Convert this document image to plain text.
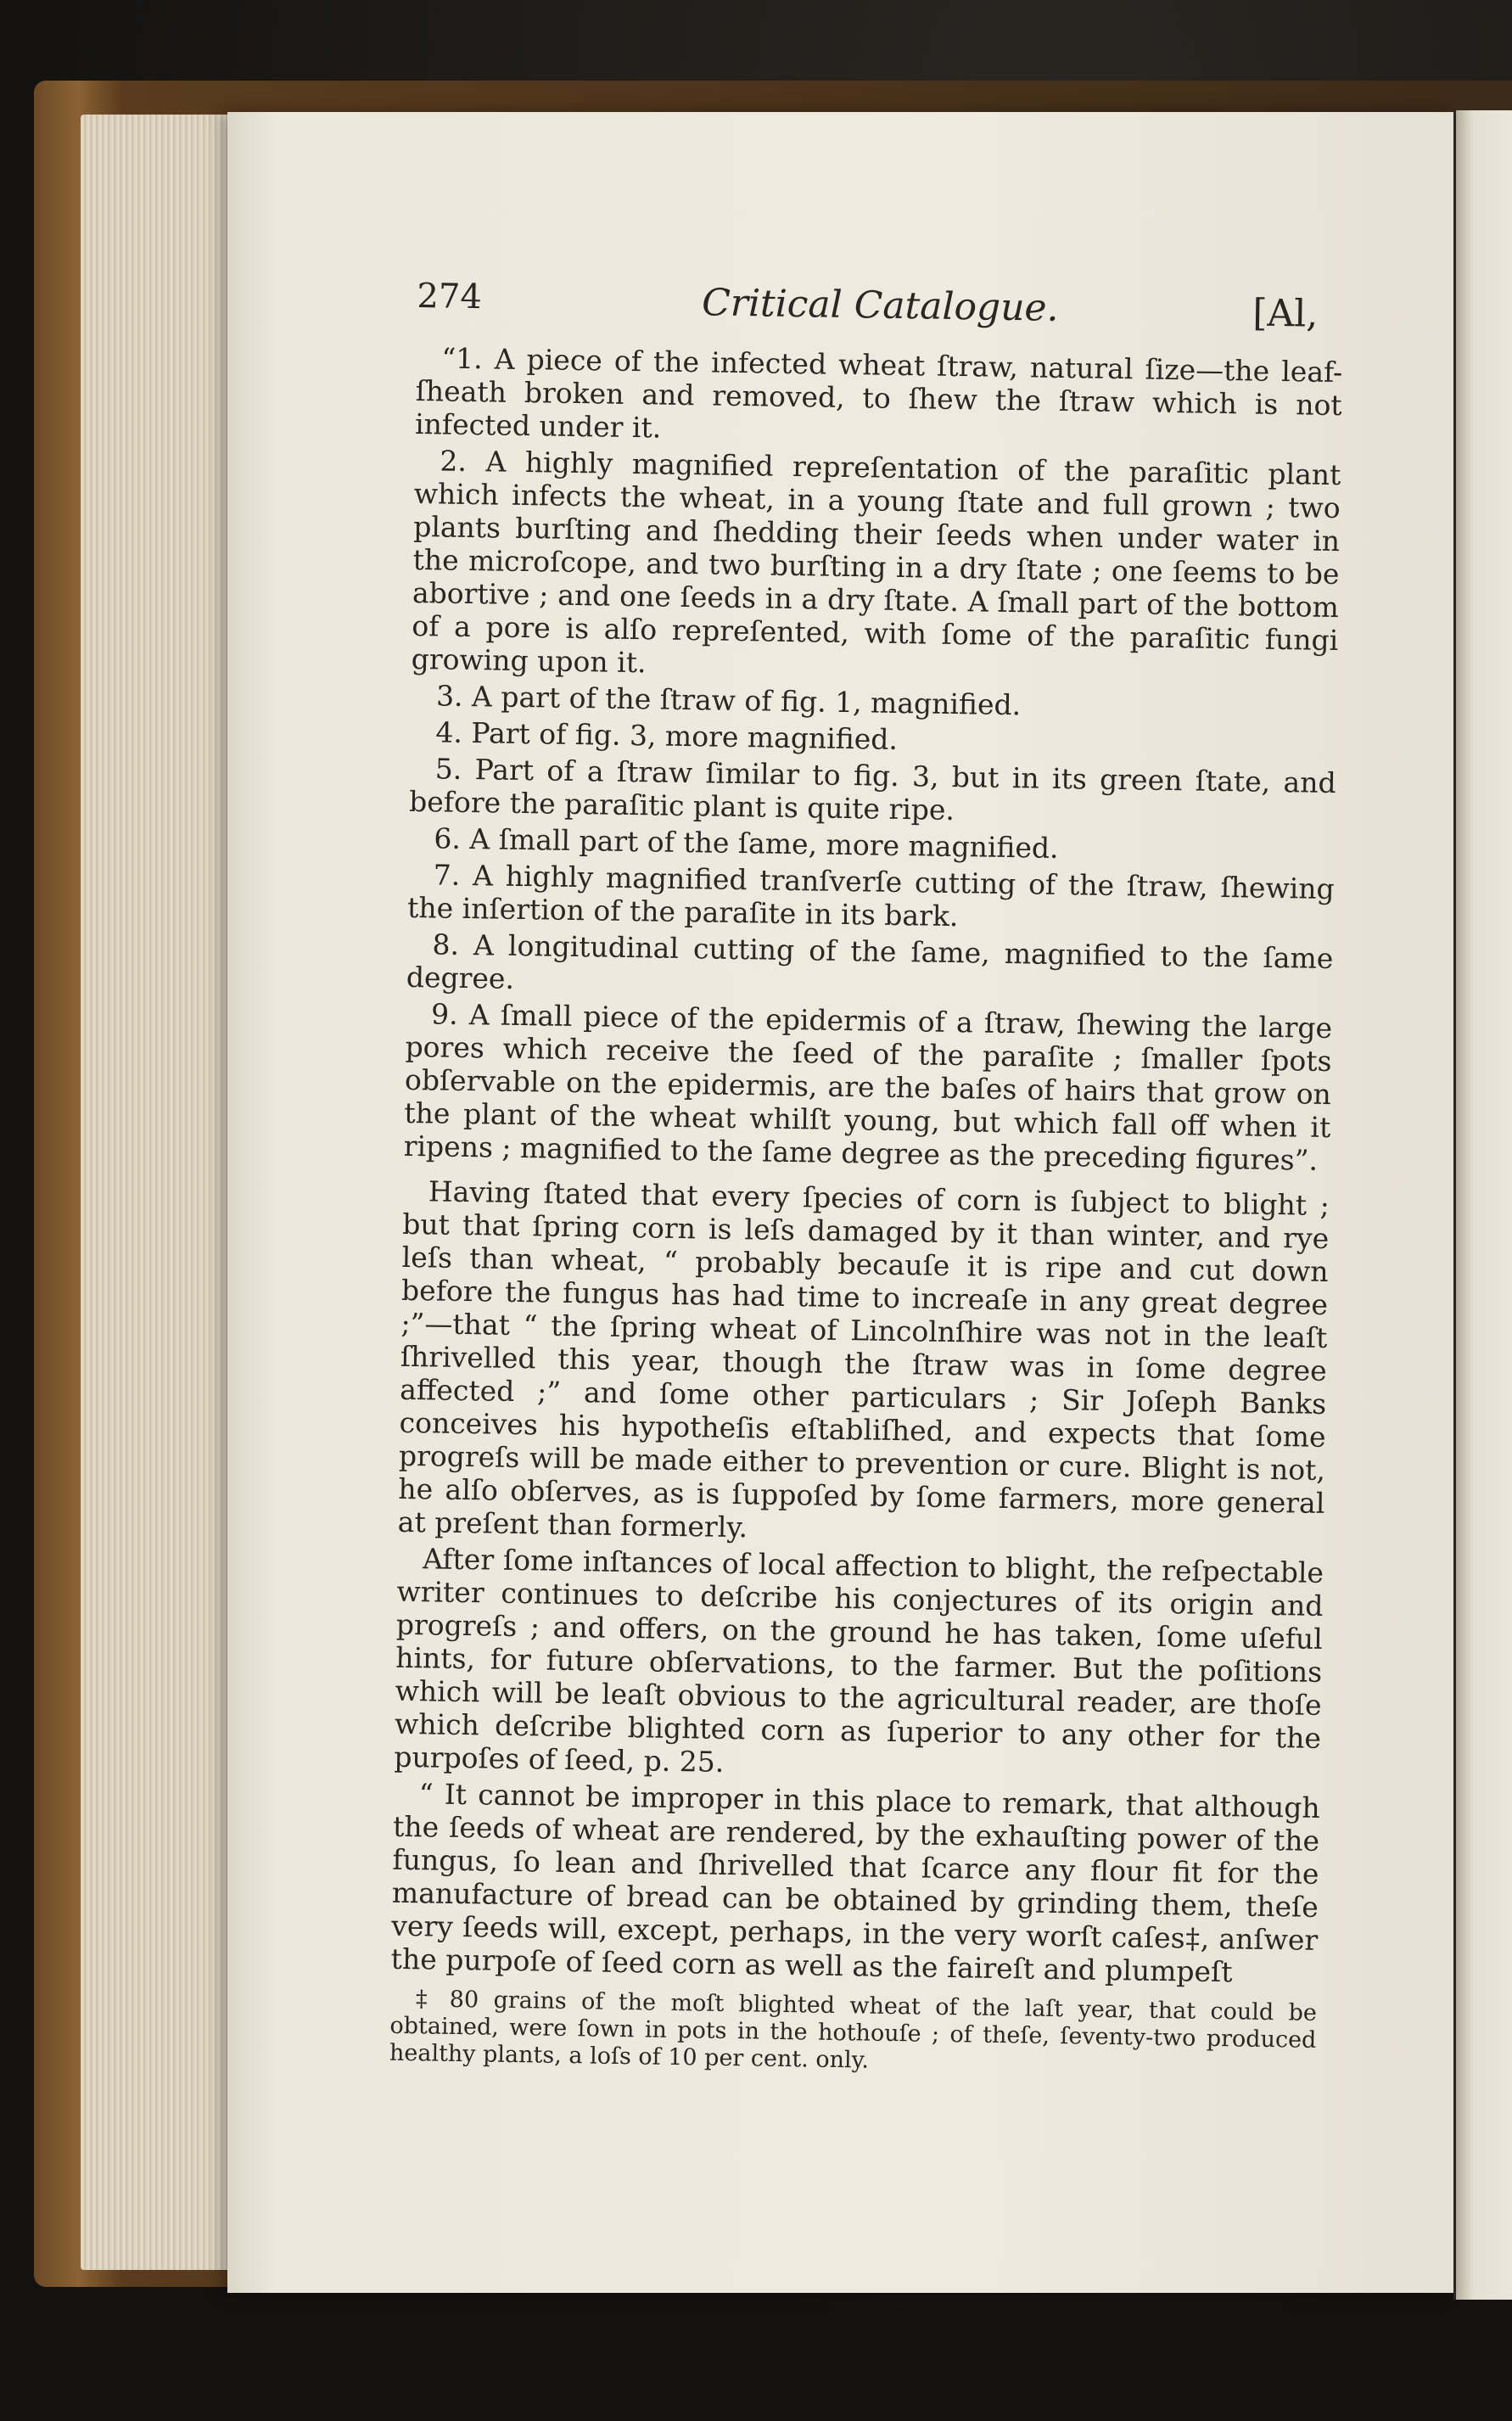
274	Critical Catalogue.	[Al,

“1. A piece of the infected wheat ſtraw, natural ſize—the leaf-ſheath broken and removed, to ſhew the ſtraw which is not infected under it.

2. A highly magnified repreſentation of the paraſitic plant which infects the wheat, in a young ſtate and full grown ; two plants burſting and ſhedding their ſeeds when under water in the microſcope, and two burſting in a dry ſtate ; one ſeems to be abortive ; and one ſeeds in a dry ſtate. A ſmall part of the bottom of a pore is alſo repreſented, with ſome of the paraſitic fungi growing upon it.

3. A part of the ſtraw of fig. 1, magnified.

4. Part of fig. 3, more magnified.

5. Part of a ſtraw ſimilar to fig. 3, but in its green ſtate, and before the paraſitic plant is quite ripe.

6. A ſmall part of the ſame, more magnified.

7. A highly magnified tranſverſe cutting of the ſtraw, ſhewing the inſertion of the paraſite in its bark.

8. A longitudinal cutting of the ſame, magnified to the ſame degree.

9. A ſmall piece of the epidermis of a ſtraw, ſhewing the large pores which receive the ſeed of the paraſite ; ſmaller ſpots obſervable on the epidermis, are the baſes of hairs that grow on the plant of the wheat whilſt young, but which fall off when it ripens ; magnified to the ſame degree as the preceding figures”.

Having ſtated that every ſpecies of corn is ſubject to blight ; but that ſpring corn is leſs damaged by it than winter, and rye leſs than wheat, “ probably becauſe it is ripe and cut down before the fungus has had time to increaſe in any great degree ;”—that “ the ſpring wheat of Lincolnſhire was not in the leaſt ſhrivelled this year, though the ſtraw was in ſome degree affected ;” and ſome other particulars ; Sir Joſeph Banks conceives his hypotheſis eſtabliſhed, and expects that ſome progreſs will be made either to prevention or cure. Blight is not, he alſo obſerves, as is ſuppoſed by ſome farmers, more general at preſent than formerly.

After ſome inſtances of local affection to blight, the reſpectable writer continues to deſcribe his conjectures of its origin and progreſs ; and offers, on the ground he has taken, ſome uſeful hints, for future obſervations, to the farmer. But the poſitions which will be leaſt obvious to the agricultural reader, are thoſe which deſcribe blighted corn as ſuperior to any other for the purpoſes of ſeed, p. 25.

“ It cannot be improper in this place to remark, that although the ſeeds of wheat are rendered, by the exhauſting power of the fungus, ſo lean and ſhrivelled that ſcarce any flour fit for the manufacture of bread can be obtained by grinding them, theſe very ſeeds will, except, perhaps, in the very worſt caſes‡, anſwer the purpoſe of ſeed corn as well as the faireſt and plumpeſt

‡ 80 grains of the moſt blighted wheat of the laſt year, that could be obtained, were ſown in pots in the hothouſe ; of theſe, ſeventy-two produced healthy plants, a loſs of 10 per cent. only.
